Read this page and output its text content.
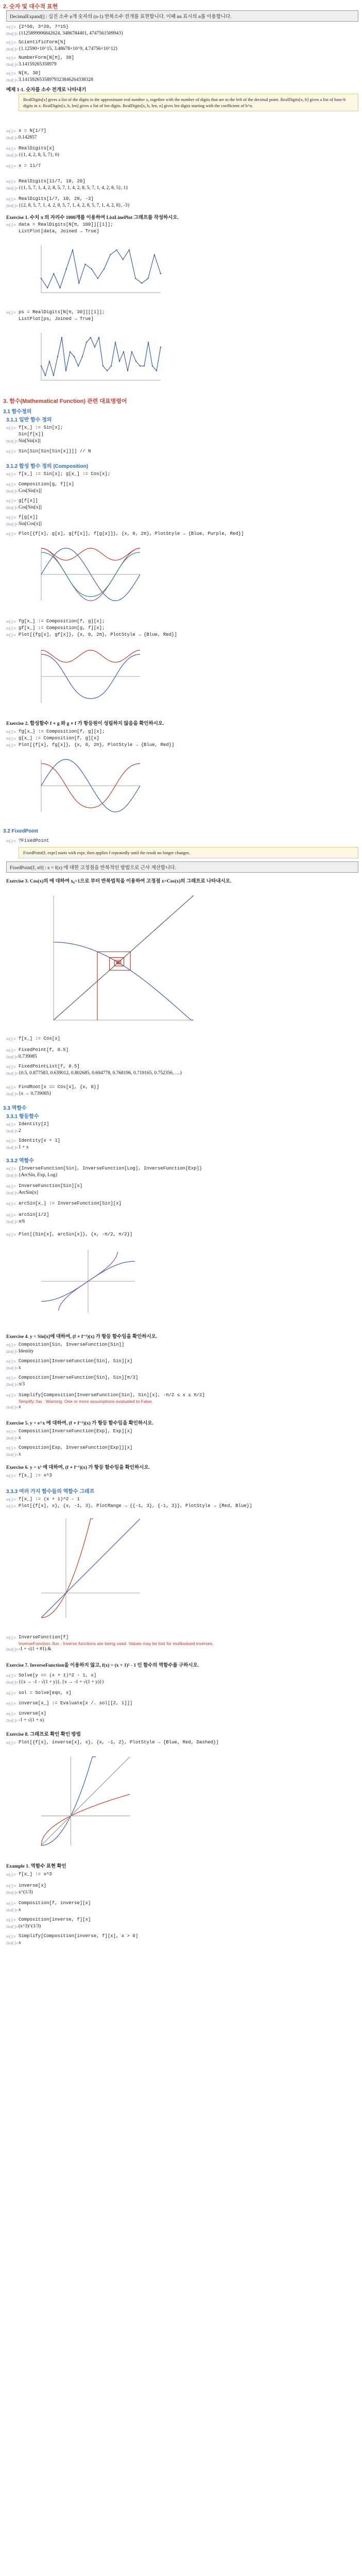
2. 숫자 및 대수적 표현
DecimalExpand[] : 십진 소수 n개 숫자의 (n-1) 반복소수 전개를 표현합니다. 이때 nn 표시의 n를 이용합니다.
In[ ]:= {2^50, 3^20, 7^15}
Out[ ]= {1125899906842624, 3486784401, 4747561509943}
In[ ]:= ScientificForm[%]
Out[ ]= {1.12590×10^15, 3.48678×10^9, 4.74756×10^12}
In[ ]:= NumberForm[N[π], 30]
Out[ ]= 3.14159265358979
In[ ]:= N[π, 30]
Out[ ]= 3.14159265358979323846264338328
예제 1-1. 숫자를 소수 전개로 나타내기
RealDigits[x] gives a list of the digits in the approximate real number x, together with the number of digits that are to the left of the decimal point. RealDigits[x, b] gives a list of base-b digits in x. RealDigits[x, b, len] gives a list of len digits. RealDigits[x, b, len, n] gives len digits starting with the coefficient of b^n.
In[ ]:= x = N[1/7]
Out[ ]= 0.142857
In[ ]:= RealDigits[x]
Out[ ]= {{1, 4, 2, 8, 5, 7}, 0}
In[ ]:= x = 11/7
In[ ]:= RealDigits[11/7, 10, 20]
Out[ ]= {{1, 5, 7, 1, 4, 2, 8, 5, 7, 1, 4, 2, 8, 5, 7, 1, 4, 2, 8, 5}, 1}
In[ ]:= RealDigits[1/7, 10, 20, -3]
Out[ ]= {{2, 8, 5, 7, 1, 4, 2, 8, 5, 7, 1, 4, 2, 8, 5, 7, 1, 4, 2, 8}, -3}
Exercise 1. 수치 π 의 자리수 1000개를 이용하여 ListLinePlot 그래프를 작성하시오.
In[ ]:= data = RealDigits[N[π, 100]][[1]];
ListPlot[data, Joined → True]
In[ ]:= ps = RealDigits[N[π, 30]][[1]];
ListPlot[ps, Joined → True]
3. 함수(Mathematical Function) 관련 대표명령어
3.1 함수정의
3.1.1 일반 함수 정의
In[ ]:= f[x_] := Sin[x];
Sin[f[x]]
Out[ ]= Sin[Sin[x]]
In[ ]:= Sin[Sin[Sin[Sin[x]]]] // N
3.1.2 합성 함수 정의 (Composition)
In[ ]:= f[x_] := Sin[x]; g[x_] := Cos[x];
In[ ]:= Composition[g, f][x]
Out[ ]= Cos[Sin[x]]
In[ ]:= g[f[x]]
Out[ ]= Cos[Sin[x]]
In[ ]:= f[g[x]]
Out[ ]= Sin[Cos[x]]
In[ ]:= Plot[{f[x], g[x], g[f[x]], f[g[x]]}, {x, 0, 2π}, PlotStyle → {Blue, Purple, Red}]
In[ ]:= fg[x_] := Composition[f, g][x];
In[ ]:= gf[x_] := Composition[g, f][x];
In[ ]:= Plot[{fg[x], gf[x]}, {x, 0, 2π}, PlotStyle → {Blue, Red}]
Exercise 2. 합성함수 f ∘ g 와 g ∘ f 가 항등원이 성립하지 않음을 확인하시오.
In[ ]:= fg[x_] := Composition[f, g][x];
In[ ]:= g[x_] := Composition[f, g][x]
In[ ]:= Plot[{f[x], fg[x]}, {x, 0, 2π}, PlotStyle → {Blue, Red}]
3.2 FixedPoint
In[ ]:= ?FixedPoint
FixedPoint[f, expr] starts with expr, then applies f repeatedly until the result no longer changes.
FixedPoint[f, x0] : x = f(x) 에 대한 고정점을 반복적인 방법으로 근사 계산합니다.
Exercise 3. Cos(x)의 에 대하여 x₀=1으로 부터 반복법칙을 이용하여 고정점 x=Cos(x)의 그래프로 나타내시오.
In[ ]:= f[x_] := Cos[x]
In[ ]:= FixedPoint[f, 0.5]
Out[ ]= 0.739085
In[ ]:= FixedPointList[f, 0.5]
Out[ ]= {0.5, 0.877583, 0.639012, 0.802685, 0.694778, 0.768196, 0.719165, 0.752356, …}
In[ ]:= FindRoot[x == Cos[x], {x, 0}]
Out[ ]= {x → 0.739085}
3.3 역함수
3.3.1 항등함수
In[ ]:= Identity[2]
Out[ ]= 2
In[ ]:= Identity[x + 1]
Out[ ]= 1 + x
3.3.2 역함수
In[ ]:= {InverseFunction[Sin], InverseFunction[Log], InverseFunction[Exp]}
Out[ ]= {ArcSin, Exp, Log}
In[ ]:= InverseFunction[Sin][x]
Out[ ]= ArcSin[x]
In[ ]:= arcSin[x_] := InverseFunction[Sin][x]
In[ ]:= arcSin[1/2]
Out[ ]= π/6
In[ ]:= Plot[{Sin[x], arcSin[x]}, {x, -π/2, π/2}]
Exercise 4. y = Sin[x]에 대하여, (f ∘ f⁻¹)(x) 가 항등 함수임을 확인하시오.
In[ ]:= Composition[Sin, InverseFunction[Sin]]
Out[ ]= Identity
In[ ]:= Composition[InverseFunction[Sin], Sin][x]
Out[ ]= x
In[ ]:= Composition[InverseFunction[Sin], Sin][π/3]
Out[ ]= π/3
In[ ]:= Simplify[Composition[InverseFunction[Sin], Sin][x], -π/2 ≤ x ≤ π/2]
Simplify::fas : Warning: One or more assumptions evaluated to False.
Out[ ]= x
Exercise 5. y = e^x 에 대하여, (f ∘ f⁻¹)(x) 가 항등 함수임을 확인하시오.
In[ ]:= Composition[InverseFunction[Exp], Exp][x]
Out[ ]= x
In[ ]:= Composition[Exp, InverseFunction[Exp]][x]
Out[ ]= x
Exercise 6. y = x³ 에 대하여, (f ∘ f⁻¹)(x) 가 항등 함수임을 확인하시오.
In[ ]:= f[x_] := x^3
3.3.3 여러 가지 함수들의 역함수 그래프
In[ ]:= f[x_] := (x + 1)^2 - 1
In[ ]:= Plot[{f[x], x}, {x, -1, 3}, PlotRange → {{-1, 3}, {-1, 3}}, PlotStyle → {Red, Blue}]
In[ ]:= InverseFunction[f]
InverseFunction::ifun : Inverse functions are being used. Values may be lost for multivalued inverses.
Out[ ]= -1 + √(1 + #1) &
Exercise 7. InverseFunction을 이용하지 않고, f(x) = (x + 1)² - 1 인 함수의 역함수를 구하시오.
In[ ]:= Solve[y == (x + 1)^2 - 1, x]
Out[ ]= {{x → -1 - √(1 + y)}, {x → -1 + √(1 + y)}}
In[ ]:= sol = Solve[eqn, x]
In[ ]:= inverse[x_] := Evaluate[x /. sol[[2, 1]]]
In[ ]:= inverse[x]
Out[ ]= -1 + √(1 + x)
Exercise 8. 그래프로 확인 확인 방법
In[ ]:= Plot[{f[x], inverse[x], x}, {x, -1, 2}, PlotStyle → {Blue, Red, Dashed}]
Example 1. 역함수 표현 확인
In[ ]:= f[x_] := x^3
In[ ]:= inverse[x]
Out[ ]= x^(1/3)
In[ ]:= Composition[f, inverse][x]
Out[ ]= x
In[ ]:= Composition[inverse, f][x]
Out[ ]= (x^3)^(1/3)
In[ ]:= Simplify[Composition[inverse, f][x], x > 0]
Out[ ]= x
